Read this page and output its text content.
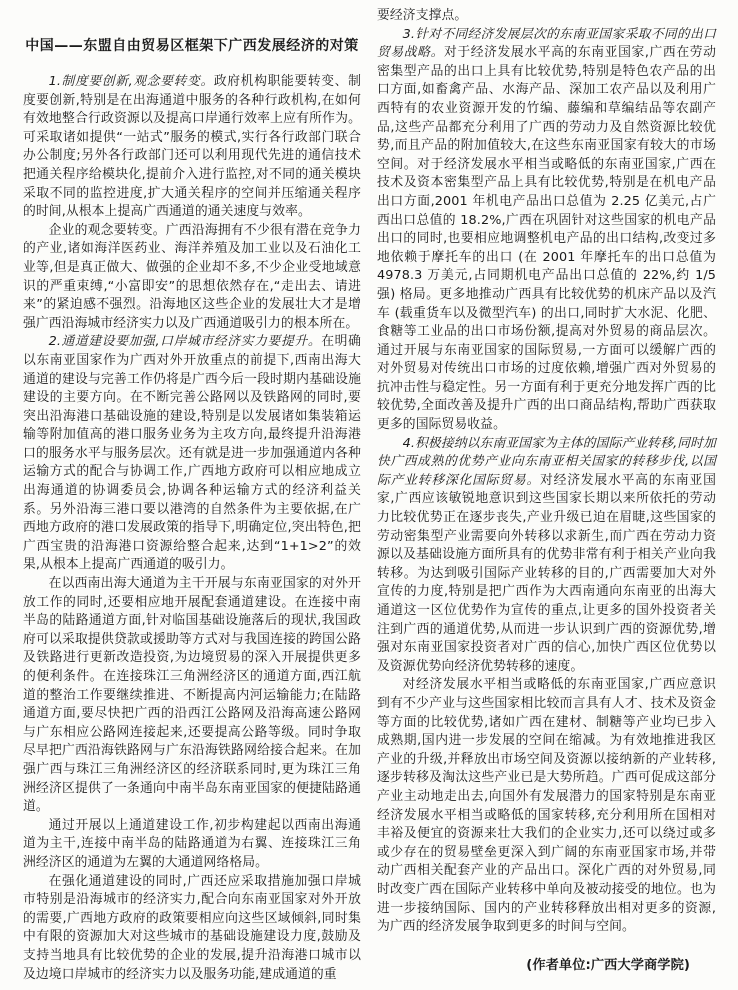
中国——东盟自由贸易区框架下广西发展经济的对策

1.制度要创新,观念要转变。政府机构职能要转变、制度要创新,特别是在出海通道中服务的各种行政机构,在如何有效地整合行政资源以及提高口岸通行效率上应有所作为。可采取诸如提供“一站式”服务的模式,实行各行政部门联合办公制度;另外各行政部门还可以利用现代先进的通信技术把通关程序给模块化,提前介入进行监控,对不同的通关模块采取不同的监控进度,扩大通关程序的空间并压缩通关程序的时间,从根本上提高广西通道的通关速度与效率。

企业的观念要转变。广西沿海拥有不少很有潜在竞争力的产业,诸如海洋医药业、海洋养殖及加工业以及石油化工业等,但是真正做大、做强的企业却不多,不少企业受地域意识的严重束缚,“小富即安”的思想依然存在,“走出去、请进来”的紧迫感不强烈。沿海地区这些企业的发展壮大才是增强广西沿海城市经济实力以及广西通道吸引力的根本所在。

2.通道建设要加强,口岸城市经济实力要提升。在明确以东南亚国家作为广西对外开放重点的前提下,西南出海大通道的建设与完善工作仍将是广西今后一段时期内基础设施建设的主要方向。在不断完善公路网以及铁路网的同时,要突出沿海港口基础设施的建设,特别是以发展诸如集装箱运输等附加值高的港口服务业务为主攻方向,最终提升沿海港口的服务水平与服务层次。还有就是进一步加强通道内各种运输方式的配合与协调工作,广西地方政府可以相应地成立出海通道的协调委员会,协调各种运输方式的经济利益关系。另外沿海三港口要以港湾的自然条件为主要依据,在广西地方政府的港口发展政策的指导下,明确定位,突出特色,把广西宝贵的沿海港口资源给整合起来,达到“1+1>2”的效果,从根本上提高广西通道的吸引力。

在以西南出海大通道为主干开展与东南亚国家的对外开放工作的同时,还要相应地开展配套通道建设。在连接中南半岛的陆路通道方面,针对临国基础设施落后的现状,我国政府可以采取提供贷款或援助等方式对与我国连接的跨国公路及铁路进行更新改造投资,为边境贸易的深入开展提供更多的便利条件。在连接珠江三角洲经济区的通道方面,西江航道的整治工作要继续推进、不断提高内河运输能力;在陆路通道方面,要尽快把广西的沿西江公路网及沿海高速公路网与广东相应公路网连接起来,还要提高公路等级。同时争取尽早把广西沿海铁路网与广东沿海铁路网给接合起来。在加强广西与珠江三角洲经济区的经济联系同时,更为珠江三角洲经济区提供了一条通向中南半岛东南亚国家的便捷陆路通道。

通过开展以上通道建设工作,初步构建起以西南出海通道为主干,连接中南半岛的陆路通道为右翼、连接珠江三角洲经济区的通道为左翼的大通道网络格局。

在强化通道建设的同时,广西还应采取措施加强口岸城市特别是沿海城市的经济实力,配合向东南亚国家对外开放的需要,广西地方政府的政策要相应向这些区域倾斜,同时集中有限的资源加大对这些城市的基础设施建设力度,鼓励及支持当地具有比较优势的企业的发展,提升沿海港口城市以及边境口岸城市的经济实力以及服务功能,建成通道的重

要经济支撑点。

3.针对不同经济发展层次的东南亚国家采取不同的出口贸易战略。对于经济发展水平高的东南亚国家,广西在劳动密集型产品的出口上具有比较优势,特别是特色农产品的出口方面,如畜禽产品、水海产品、深加工农产品以及利用广西特有的农业资源开发的竹编、藤编和草编结品等农副产品,这些产品都充分利用了广西的劳动力及自然资源比较优势,而且产品的附加值较大,在这些东南亚国家有较大的市场空间。对于经济发展水平相当或略低的东南亚国家,广西在技术及资本密集型产品上具有比较优势,特别是在机电产品出口方面,2001 年机电产品出口总值为 2.25 亿美元,占广西出口总值的 18.2%,广西在巩固针对这些国家的机电产品出口的同时,也要相应地调整机电产品的出口结构,改变过多地依赖于摩托车的出口 (在 2001 年摩托车的出口总值为 4978.3 万美元,占同期机电产品出口总值的 22%,约 1/5 强) 格局。更多地推动广西具有比较优势的机床产品以及汽车 (载重货车以及微型汽车) 的出口,同时扩大水泥、化肥、食糖等工业品的出口市场份额,提高对外贸易的商品层次。通过开展与东南亚国家的国际贸易,一方面可以缓解广西的对外贸易对传统出口市场的过度依赖,增强广西对外贸易的抗冲击性与稳定性。另一方面有利于更充分地发挥广西的比较优势,全面改善及提升广西的出口商品结构,帮助广西获取更多的国际贸易收益。

4.积极接纳以东南亚国家为主体的国际产业转移,同时加快广西成熟的优势产业向东南亚相关国家的转移步伐,以国际产业转移深化国际贸易。对经济发展水平高的东南亚国家,广西应该敏锐地意识到这些国家长期以来所依托的劳动力比较优势正在逐步丧失,产业升级已迫在眉睫,这些国家的劳动密集型产业需要向外转移以求新生,而广西在劳动力资源以及基础设施方面所具有的优势非常有利于相关产业向我转移。为达到吸引国际产业转移的目的,广西需要加大对外宣传的力度,特别是把广西作为大西南通向东南亚的出海大通道这一区位优势作为宣传的重点,让更多的国外投资者关注到广西的通道优势,从而进一步认识到广西的资源优势,增强对东南亚国家投资者对广西的信心,加快广西区位优势以及资源优势向经济优势转移的速度。

对经济发展水平相当或略低的东南亚国家,广西应意识到有不少产业与这些国家相比较而言具有人才、技术及资金等方面的比较优势,诸如广西在建材、制糖等产业均已步入成熟期,国内进一步发展的空间在缩减。为有效地推进我区产业的升级,并释放出市场空间及资源以接纳新的产业转移,逐步转移及淘汰这些产业已是大势所趋。广西可促成这部分产业主动地走出去,向国外有发展潜力的国家特别是东南亚经济发展水平相当或略低的国家转移,充分利用所在国相对丰裕及便宜的资源来壮大我们的企业实力,还可以绕过或多或少存在的贸易壁垒更深入到广阔的东南亚国家市场,并带动广西相关配套产业的产品出口。深化广西的对外贸易,同时改变广西在国际产业转移中单向及被动接受的地位。也为进一步接纳国际、国内的产业转移释放出相对更多的资源,为广西的经济发展争取到更多的时间与空间。

(作者单位:广西大学商学院)
